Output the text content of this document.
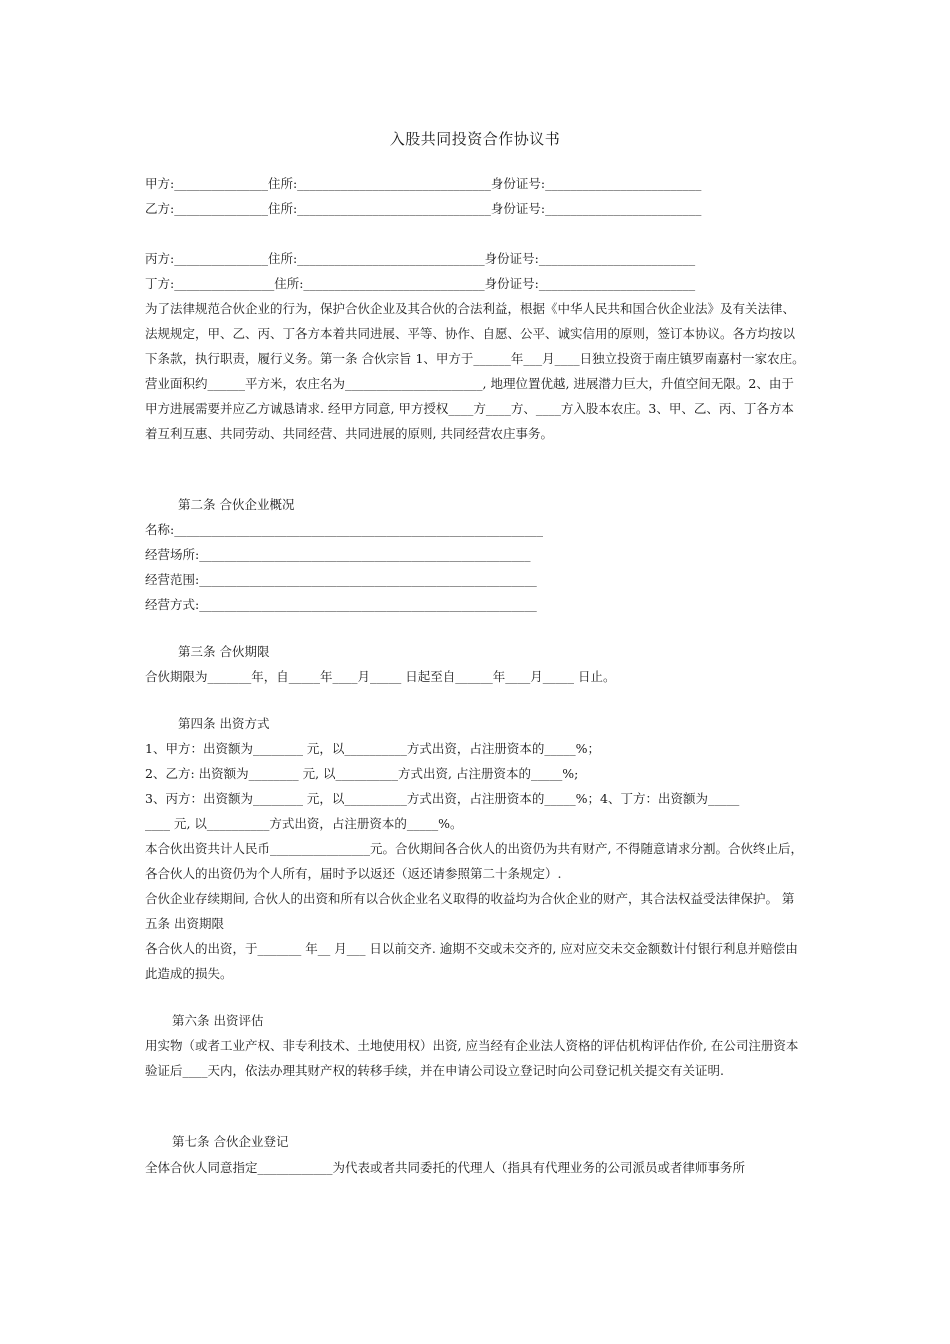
入股共同投资合作协议书
甲方:_______________住所:_______________________________身份证号:_________________________
乙方:_______________住所:_______________________________身份证号:_________________________
丙方:_______________住所:______________________________身份证号:_________________________
丁方:________________住所:_____________________________身份证号:_________________________
为了法律规范合伙企业的行为，保护合伙企业及其合伙的合法利益，根据《中华人民共和国合伙企业法》及有关法律、法规规定，甲、乙、丙、丁各方本着共同进展、平等、协作、自愿、公平、诚实信用的原则，签订本协议。各方均按以下条款，执行职责，履行义务。第一条 合伙宗旨 1、甲方于______年___月____日独立投资于南庄镇罗南嘉村一家农庄。营业面积约______平方米，农庄名为______________________, 地理位置优越, 进展潜力巨大，升值空间无限。2、由于甲方进展需要并应乙方诚恳请求. 经甲方同意, 甲方授权____方____方、____方入股本农庄。3、甲、乙、丙、丁各方本着互利互惠、共同劳动、共同经营、共同进展的原则, 共同经营农庄事务。
第二条 合伙企业概况
名称:___________________________________________________________
经营场所:_____________________________________________________
经营范围:______________________________________________________
经营方式:______________________________________________________
第三条 合伙期限
合伙期限为_______年，自_____年____月_____ 日起至自______年____月_____ 日止。
第四条 出资方式
1、甲方：出资额为________ 元，以__________方式出资，占注册资本的_____%；
2、乙方: 出资额为________ 元, 以__________方式出资, 占注册资本的_____%;
3、丙方：出资额为________ 元，以__________方式出资，占注册资本的_____%；4、丁方：出资额为_____
____ 元, 以__________方式出资，占注册资本的_____%。
本合伙出资共计人民币________________元。合伙期间各合伙人的出资仍为共有财产, 不得随意请求分割。合伙终止后，各合伙人的出资仍为个人所有，届时予以返还（返还请参照第二十条规定）.
合伙企业存续期间, 合伙人的出资和所有以合伙企业名义取得的收益均为合伙企业的财产，其合法权益受法律保护。 第五条 出资期限
各合伙人的出资，于_______ 年__ 月___ 日以前交齐. 逾期不交或未交齐的, 应对应交未交金额数计付银行利息并赔偿由此造成的损失。
第六条 出资评估
用实物（或者工业产权、非专利技术、土地使用权）出资, 应当经有企业法人资格的评估机构评估作价, 在公司注册资本验证后____天内，依法办理其财产权的转移手续，并在申请公司设立登记时向公司登记机关提交有关证明.
第七条 合伙企业登记
全体合伙人同意指定____________为代表或者共同委托的代理人（指具有代理业务的公司派员或者律师事务所
